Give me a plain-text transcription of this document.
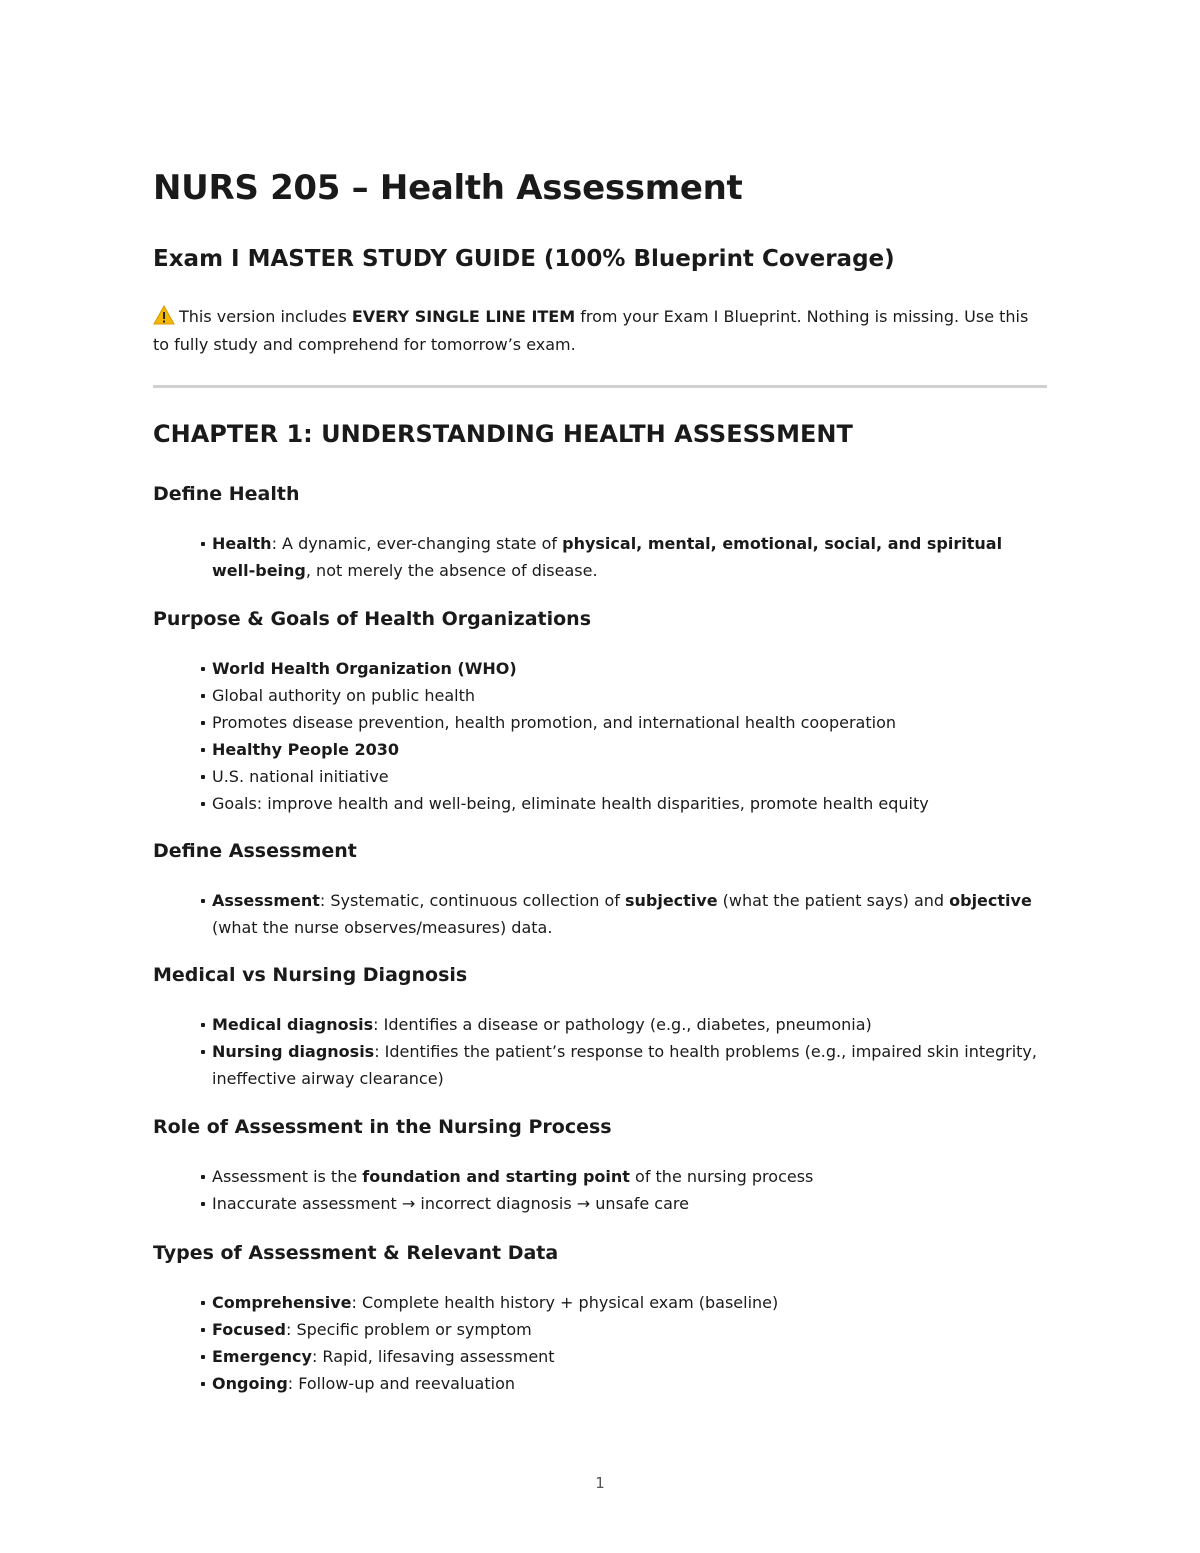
NURS 205 – Health Assessment
Exam I MASTER STUDY GUIDE (100% Blueprint Coverage)

This version includes EVERY SINGLE LINE ITEM from your Exam I Blueprint. Nothing is missing. Use this to fully study and comprehend for tomorrow’s exam.

CHAPTER 1: UNDERSTANDING HEALTH ASSESSMENT
Define Health
Health: A dynamic, ever-changing state of physical, mental, emotional, social, and spiritual well-being, not merely the absence of disease.
Purpose & Goals of Health Organizations
World Health Organization (WHO)
Global authority on public health
Promotes disease prevention, health promotion, and international health cooperation
Healthy People 2030
U.S. national initiative
Goals: improve health and well-being, eliminate health disparities, promote health equity
Define Assessment
Assessment: Systematic, continuous collection of subjective (what the patient says) and objective (what the nurse observes/measures) data.
Medical vs Nursing Diagnosis
Medical diagnosis: Identifies a disease or pathology (e.g., diabetes, pneumonia)
Nursing diagnosis: Identifies the patient’s response to health problems (e.g., impaired skin integrity, ineffective airway clearance)
Role of Assessment in the Nursing Process
Assessment is the foundation and starting point of the nursing process
Inaccurate assessment → incorrect diagnosis → unsafe care
Types of Assessment & Relevant Data
Comprehensive: Complete health history + physical exam (baseline)
Focused: Specific problem or symptom
Emergency: Rapid, lifesaving assessment
Ongoing: Follow-up and reevaluation
1
